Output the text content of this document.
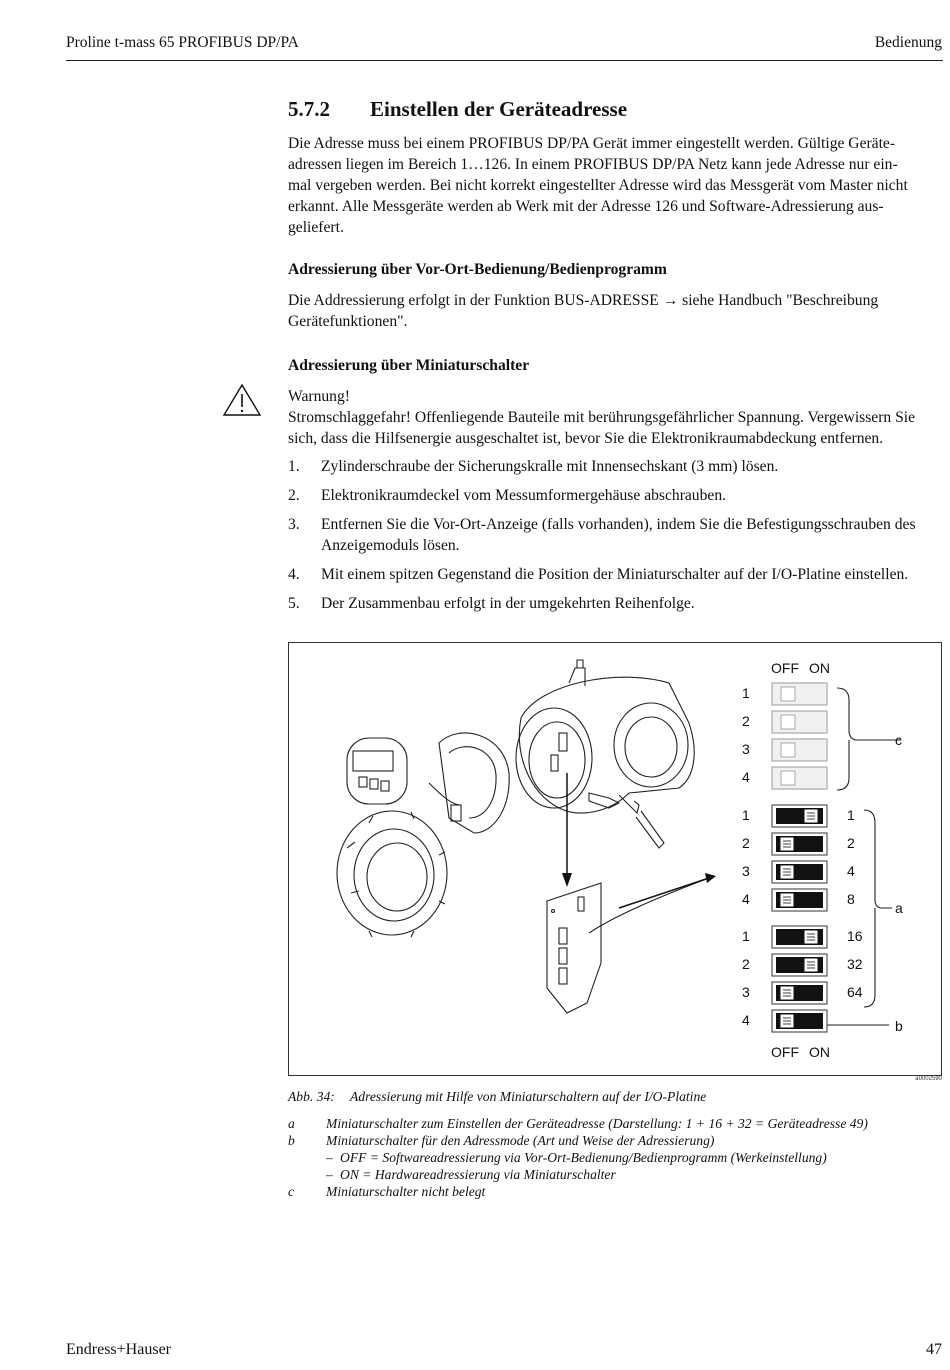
Proline t-mass 65 PROFIBUS DP/PA	Bedienung
5.7.2 Einstellen der Geräteadresse
Die Adresse muss bei einem PROFIBUS DP/PA Gerät immer eingestellt werden. Gültige Geräte-
adressen liegen im Bereich 1…126. In einem PROFIBUS DP/PA Netz kann jede Adresse nur ein-
mal vergeben werden. Bei nicht korrekt eingestellter Adresse wird das Messgerät vom Master nicht
erkannt. Alle Messgeräte werden ab Werk mit der Adresse 126 und Software-Adressierung aus-
geliefert.
Adressierung über Vor-Ort-Bedienung/Bedienprogramm
Die Addressierung erfolgt in der Funktion BUS-ADRESSE → siehe Handbuch "Beschreibung
Gerätefunktionen".
Adressierung über Miniaturschalter
Warnung!
Stromschlaggefahr! Offenliegende Bauteile mit berührungsgefährlicher Spannung. Vergewissern Sie
sich, dass die Hilfsenergie ausgeschaltet ist, bevor Sie die Elektronikraumabdeckung entfernen.
1. Zylinderschraube der Sicherungskralle mit Innensechskant (3 mm) lösen.
2. Elektronikraumdeckel vom Messumformergehäuse abschrauben.
3. Entfernen Sie die Vor-Ort-Anzeige (falls vorhanden), indem Sie die Befestigungsschrauben des Anzeigemoduls lösen.
4. Mit einem spitzen Gegenstand die Position der Miniaturschalter auf der I/O-Platine einstellen.
5. Der Zusammenbau erfolgt in der umgekehrten Reihenfolge.
OFF ON
1
2
3
4
1	1
2	2
3	4
4	8
1	16
2	32
3	64
4
c
a
b
OFF ON
a0002590
Abb. 34: Adressierung mit Hilfe von Miniaturschaltern auf der I/O-Platine
a Miniaturschalter zum Einstellen der Geräteadresse (Darstellung: 1 + 16 + 32 = Geräteadresse 49)
b Miniaturschalter für den Adressmode (Art und Weise der Adressierung)
– OFF = Softwareadressierung via Vor-Ort-Bedienung/Bedienprogramm (Werkeinstellung)
– ON = Hardwareadressierung via Miniaturschalter
c Miniaturschalter nicht belegt
Endress+Hauser	47
